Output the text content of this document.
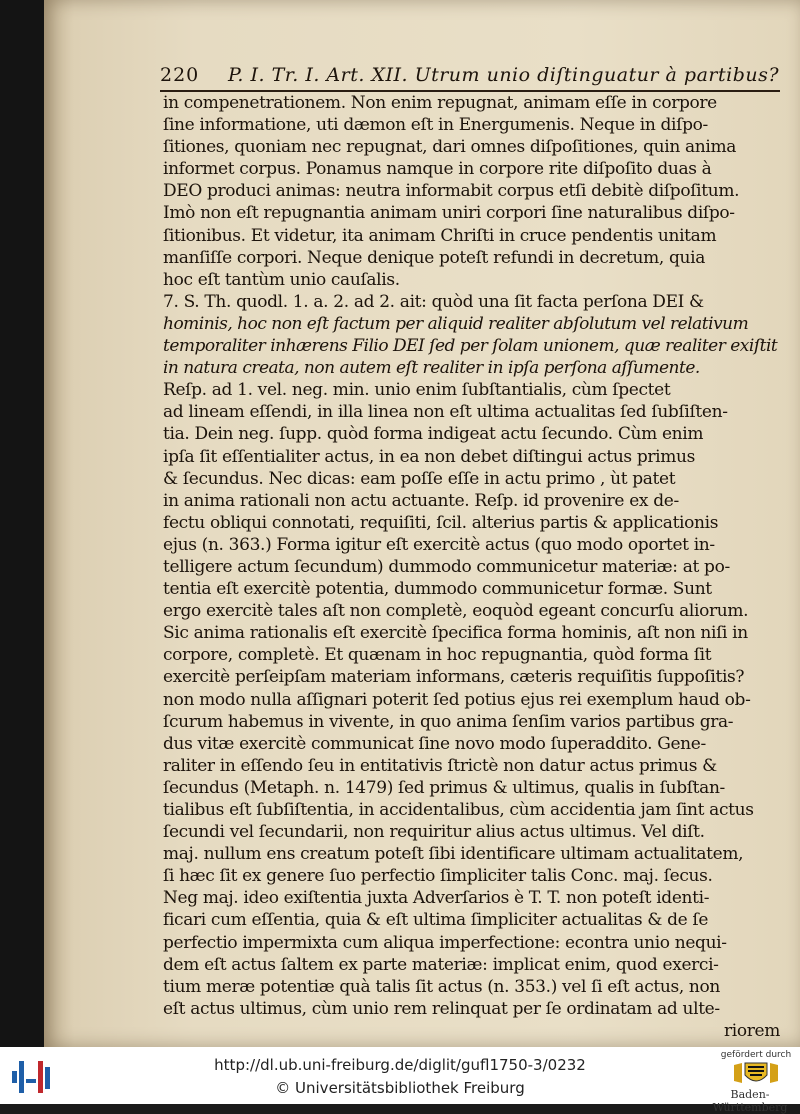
220 P. I. Tr. I. Art. XII. Utrum unio diſtinguatur à partibus?
in compenetrationem. Non enim repugnat, animam eſſe in corpore
ſine informatione, uti dæmon eſt in Energumenis. Neque in diſpo-
ſitiones, quoniam nec repugnat, dari omnes diſpoſitiones, quin anima
informet corpus. Ponamus namque in corpore rite diſpoſito duas à
DEO produci animas: neutra informabit corpus etſi debitè diſpoſitum.
Imò non eſt repugnantia animam uniri corpori ſine naturalibus diſpo-
ſitionibus. Et videtur, ita animam Chriſti in cruce pendentis unitam
manſiſſe corpori. Neque denique poteſt refundi in decretum, quia
hoc eſt tantùm unio cauſalis.
7. S. Th. quodl. 1. a. 2. ad 2. ait: quòd una ſit facta perſona DEI &
hominis, hoc non eſt factum per aliquid realiter abſolutum vel relativum
temporaliter inhærens Filio DEI ſed per ſolam unionem, quæ realiter exiſtit
in natura creata, non autem eſt realiter in ipſa perſona aſſumente.
Reſp. ad 1. vel. neg. min. unio enim ſubſtantialis, cùm ſpectet
ad lineam eſſendi, in illa linea non eſt ultima actualitas ſed ſubſiſten-
tia. Dein neg. ſupp. quòd forma indigeat actu ſecundo. Cùm enim
ipſa ſit eſſentialiter actus, in ea non debet diſtingui actus primus
& ſecundus. Nec dicas: eam poſſe eſſe in actu primo , ùt patet
in anima rationali non actu actuante. Reſp. id provenire ex de-
fectu obliqui connotati, requiſiti, ſcil. alterius partis & applicationis
ejus (n. 363.) Forma igitur eſt exercitè actus (quo modo oportet in-
telligere actum ſecundum) dummodo communicetur materiæ: at po-
tentia eſt exercitè potentia, dummodo communicetur formæ. Sunt
ergo exercitè tales aſt non completè, eoquòd egeant concurſu aliorum.
Sic anima rationalis eſt exercitè ſpecifica forma hominis, aſt non niſi in
corpore, completè. Et quænam in hoc repugnantia, quòd forma ſit
exercitè perſeipſam materiam informans, cæteris requiſitis ſuppoſitis?
non modo nulla aſſignari poterit ſed potius ejus rei exemplum haud ob-
ſcurum habemus in vivente, in quo anima ſenſim varios partibus gra-
dus vitæ exercitè communicat ſine novo modo ſuperaddito. Gene-
raliter in eſſendo ſeu in entitativis ſtrictè non datur actus primus &
ſecundus (Metaph. n. 1479) ſed primus & ultimus, qualis in ſubſtan-
tialibus eſt ſubſiſtentia, in accidentalibus, cùm accidentia jam ſint actus
ſecundi vel ſecundarii, non requiritur alius actus ultimus. Vel diſt.
maj. nullum ens creatum poteſt ſibi identificare ultimam actualitatem,
ſi hæc ſit ex genere ſuo perfectio ſimpliciter talis Conc. maj. ſecus.
Neg maj. ideo exiſtentia juxta Adverſarios è T. T. non poteſt identi-
ficari cum eſſentia, quia & eſt ultima ſimpliciter actualitas & de ſe
perfectio impermixta cum aliqua imperfectione: econtra unio nequi-
dem eſt actus ſaltem ex parte materiæ: implicat enim, quod exerci-
tium meræ potentiæ quà talis ſit actus (n. 353.) vel ſi eſt actus, non
eſt actus ultimus, cùm unio rem relinquat per ſe ordinatam ad ulte-
riorem
http://dl.ub.uni-freiburg.de/diglit/gufl1750-3/0232
© Universitätsbibliothek Freiburg
gefördert durch
Baden-Württemberg
